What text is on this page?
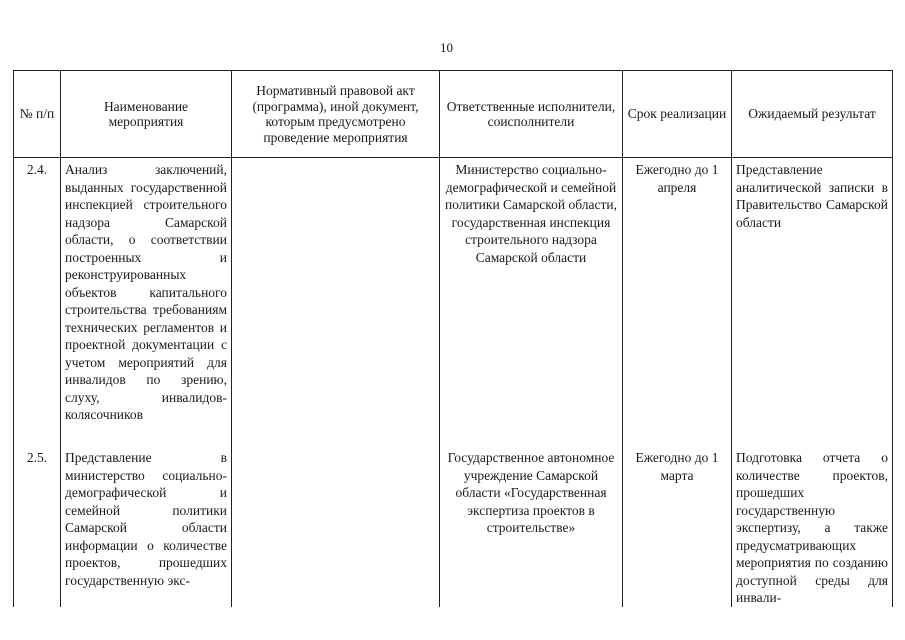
10
№ п/п	Наименование мероприятия	Нормативный правовой акт (программа), иной документ, которым предусмотрено проведение мероприятия	Ответственные исполнители, соисполнители	Срок реализации	Ожидаемый результат
2.4.	Анализ заключений, выданных государственной инспекцией строительного надзора Самарской области, о соответствии построенных и реконструированных объектов капитального строительства требованиям технических регламентов и проектной документации с учетом мероприятий для инвалидов по зрению, слуху, инвалидов-колясочников		Министерство социально-демографической и семейной политики Самарской области, государственная инспекция строительного надзора Самарской области	Ежегодно до 1 апреля	Представление аналитической записки в Правительство Самарской области
2.5.	Представление в министерство социально-демографической и семейной политики Самарской области информации о количестве проектов, прошедших государственную экс-		Государственное автономное учреждение Самарской области «Государственная экспертиза проектов в строительстве»	Ежегодно до 1 марта	Подготовка отчета о количестве проектов, прошедших государственную экспертизу, а также предусматривающих мероприятия по созданию доступной среды для инвали-
